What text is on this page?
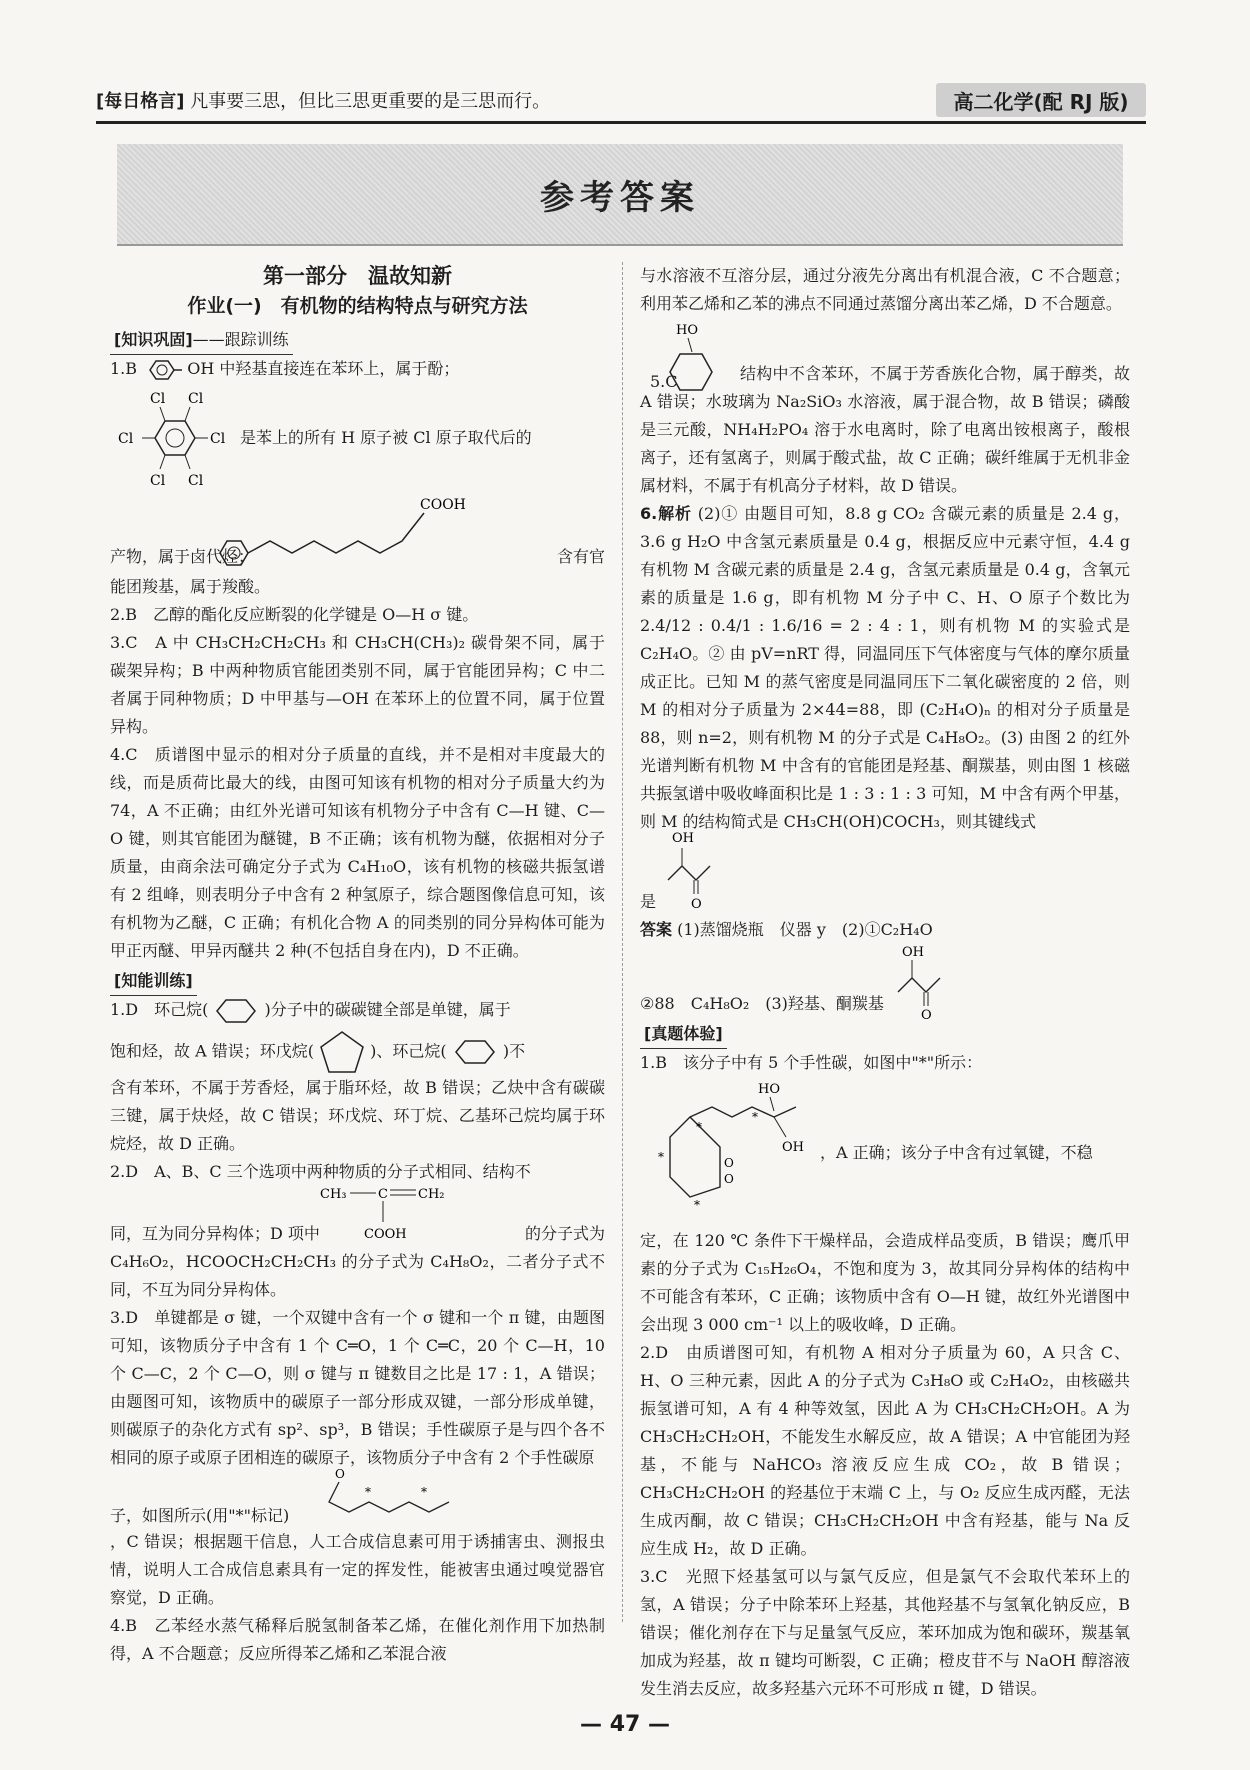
[每日格言] 凡事要三思，但比三思更重要的是三思而行。	高二化学(配 RJ 版)
参考答案
第一部分　温故知新
作业(一)　有机物的结构特点与研究方法
[知识巩固]——跟踪训练

1.B	OH 中羟基直接连在苯环上，属于酚；

Cl Cl
Cl	Cl
Cl Cl
是苯上的所有 H 原子被 Cl 原子取代后的
COOH
产物，属于卤代烃；	含有官

能团羧基，属于羧酸。

2.B　乙醇的酯化反应断裂的化学键是 O—H σ 键。

3.C　A 中 CH₃CH₂CH₂CH₃ 和 CH₃CH(CH₃)₂ 碳骨架不同，属于碳架异构；B 中两种物质官能团类别不同，属于官能团异构；C 中二者属于同种物质；D 中甲基与—OH 在苯环上的位置不同，属于位置异构。

4.C　质谱图中显示的相对分子质量的直线，并不是相对丰度最大的线，而是质荷比最大的线，由图可知该有机物的相对分子质量大约为 74，A 不正确；由红外光谱可知该有机物分子中含有 C—H 键、C—O 键，则其官能团为醚键，B 不正确；该有机物为醚，依据相对分子质量，由商余法可确定分子式为 C₄H₁₀O，该有机物的核磁共振氢谱有 2 组峰，则表明分子中含有 2 种氢原子，综合题图像信息可知，该有机物为乙醚，C 正确；有机化合物 A 的同类别的同分异构体可能为甲正丙醚、甲异丙醚共 2 种(不包括自身在内)，D 不正确。

[知能训练]

1.D　环己烷(	)分子中的碳碳键全部是单键，属于

饱和烃，故 A 错误；环戊烷(	)、环己烷(	)不

含有苯环，不属于芳香烃，属于脂环烃，故 B 错误；乙炔中含有碳碳三键，属于炔烃，故 C 错误；环戊烷、环丁烷、乙基环己烷均属于环烷烃，故 D 正确。

2.D　A、B、C 三个选项中两种物质的分子式相同、结构不

CH₃ C CH₂
COOH
同，互为同分异构体；D 项中	的分子式为

C₄H₆O₂，HCOOCH₂CH₂CH₃ 的分子式为 C₄H₈O₂，二者分子式不同，不互为同分异构体。

3.D　单键都是 σ 键，一个双键中含有一个 σ 键和一个 π 键，由题图可知，该物质分子中含有 1 个 C═O，1 个 C═C，20 个 C—H，10 个 C—C，2 个 C—O，则 σ 键与 π 键数目之比是 17 : 1，A 错误；由题图可知，该物质中的碳原子一部分形成双键，一部分形成单键，则碳原子的杂化方式有 sp²、sp³，B 错误；手性碳原子是与四个各不相同的原子或原子团相连的碳原子，该物质分子中含有 2 个手性碳原

O
*	*
子，如图所示(用"*"标记)

，C 错误；根据题干信息，人工合成信息素可用于诱捕害虫、测报虫情，说明人工合成信息素具有一定的挥发性，能被害虫通过嗅觉器官察觉，D 正确。

4.B　乙苯经水蒸气稀释后脱氢制备苯乙烯，在催化剂作用下加热制得，A 不合题意；反应所得苯乙烯和乙苯混合液

与水溶液不互溶分层，通过分液先分离出有机混合液，C 不合题意；利用苯乙烯和乙苯的沸点不同通过蒸馏分离出苯乙烯，D 不合题意。

HO
5.C	结构中不含苯环，不属于芳香族化合物，属于醇类，故 A 错误；水玻璃为 Na₂SiO₃ 水溶液，属于混合物，故 B 错误；磷酸是三元酸，NH₄H₂PO₄ 溶于水电离时，除了电离出铵根离子，酸根离子，还有氢离子，则属于酸式盐，故 C 正确；碳纤维属于无机非金属材料，不属于有机高分子材料，故 D 错误。

6.解析 (2)① 由题目可知，8.8 g CO₂ 含碳元素的质量是 2.4 g，3.6 g H₂O 中含氢元素质量是 0.4 g，根据反应中元素守恒，4.4 g 有机物 M 含碳元素的质量是 2.4 g，含氢元素质量是 0.4 g，含氧元素的质量是 1.6 g，即有机物 M 分子中 C、H、O 原子个数比为 2.4/12 : 0.4/1 : 1.6/16 = 2 : 4 : 1，则有机物 M 的实验式是 C₂H₄O。② 由 pV=nRT 得，同温同压下气体密度与气体的摩尔质量成正比。已知 M 的蒸气密度是同温同压下二氧化碳密度的 2 倍，则 M 的相对分子质量为 2×44=88，即 (C₂H₄O)ₙ 的相对分子质量是 88，则 n=2，则有机物 M 的分子式是 C₄H₈O₂。(3) 由图 2 的红外光谱判断有机物 M 中含有的官能团是羟基、酮羰基，则由图 1 核磁共振氢谱中吸收峰面积比是 1 : 3 : 1 : 3 可知，M 中含有两个甲基，则 M 的结构简式是 CH₃CH(OH)COCH₃，则其键线式

OH
O
是

答案 (1)蒸馏烧瓶　仪器 y　(2)①C₂H₄O

OH
O

②88　C₄H₈O₂　(3)羟基、酮羰基

[真题体验]

1.B　该分子中有 5 个手性碳，如图中"*"所示：

HO
OH
*
*
*	O
O
*
，A 正确；该分子中含有过氧键，不稳

定，在 120 ℃ 条件下干燥样品，会造成样品变质，B 错误；鹰爪甲素的分子式为 C₁₅H₂₆O₄，不饱和度为 3，故其同分异构体的结构中不可能含有苯环，C 正确；该物质中含有 O—H 键，故红外光谱图中会出现 3 000 cm⁻¹ 以上的吸收峰，D 正确。

2.D　由质谱图可知，有机物 A 相对分子质量为 60，A 只含 C、H、O 三种元素，因此 A 的分子式为 C₃H₈O 或 C₂H₄O₂，由核磁共振氢谱可知，A 有 4 种等效氢，因此 A 为 CH₃CH₂CH₂OH。A 为 CH₃CH₂CH₂OH，不能发生水解反应，故 A 错误；A 中官能团为羟基，不能与 NaHCO₃ 溶液反应生成 CO₂，故 B 错误；CH₃CH₂CH₂OH 的羟基位于末端 C 上，与 O₂ 反应生成丙醛，无法生成丙酮，故 C 错误；CH₃CH₂CH₂OH 中含有羟基，能与 Na 反应生成 H₂，故 D 正确。

3.C　光照下烃基氢可以与氯气反应，但是氯气不会取代苯环上的氢，A 错误；分子中除苯环上羟基，其他羟基不与氢氧化钠反应，B 错误；催化剂存在下与足量氢气反应，苯环加成为饱和碳环，羰基氧加成为羟基，故 π 键均可断裂，C 正确；橙皮苷不与 NaOH 醇溶液发生消去反应，故多羟基六元环不可形成 π 键，D 错误。

— 47 —
